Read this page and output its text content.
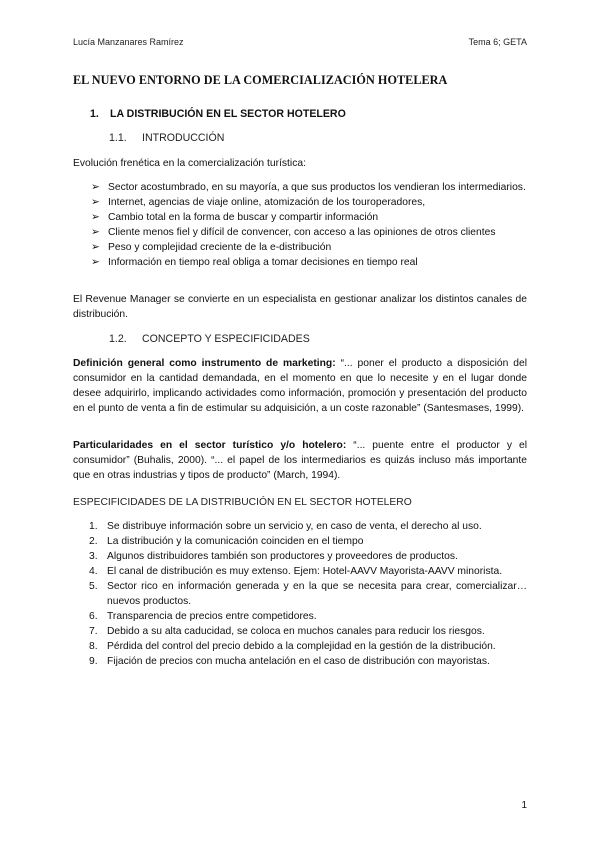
Lucía Manzanares Ramírez	Tema 6; GETA
EL NUEVO ENTORNO DE LA COMERCIALIZACIÓN HOTELERA
1. LA DISTRIBUCIÓN EN EL SECTOR HOTELERO
1.1. INTRODUCCIÓN
Evolución frenética en la comercialización turística:
➢ Sector acostumbrado, en su mayoría, a que sus productos los vendieran los intermediarios.
➢ Internet, agencias de viaje online, atomización de los touroperadores,
➢ Cambio total en la forma de buscar y compartir información
➢ Cliente menos fiel y difícil de convencer, con acceso a las opiniones de otros clientes
➢ Peso y complejidad creciente de la e-distribución
➢ Información en tiempo real obliga a tomar decisiones en tiempo real
El Revenue Manager se convierte en un especialista en gestionar analizar los distintos canales de distribución.
1.2. CONCEPTO Y ESPECIFICIDADES
Definición general como instrumento de marketing: “... poner el producto a disposición del consumidor en la cantidad demandada, en el momento en que lo necesite y en el lugar donde desee adquirirlo, implicando actividades como información, promoción y presentación del producto en el punto de venta a fin de estimular su adquisición, a un coste razonable” (Santesmases, 1999).
Particularidades en el sector turístico y/o hotelero: “... puente entre el productor y el consumidor” (Buhalis, 2000). “... el papel de los intermediarios es quizás incluso más importante que en otras industrias y tipos de producto” (March, 1994).
ESPECIFICIDADES DE LA DISTRIBUCIÓN EN EL SECTOR HOTELERO
1. Se distribuye información sobre un servicio y, en caso de venta, el derecho al uso.
2. La distribución y la comunicación coinciden en el tiempo
3. Algunos distribuidores también son productores y proveedores de productos.
4. El canal de distribución es muy extenso. Ejem: Hotel-AAVV Mayorista-AAVV minorista.
5. Sector rico en información generada y en la que se necesita para crear, comercializar…nuevos productos.
6. Transparencia de precios entre competidores.
7. Debido a su alta caducidad, se coloca en muchos canales para reducir los riesgos.
8. Pérdida del control del precio debido a la complejidad en la gestión de la distribución.
9. Fijación de precios con mucha antelación en el caso de distribución con mayoristas.
1
